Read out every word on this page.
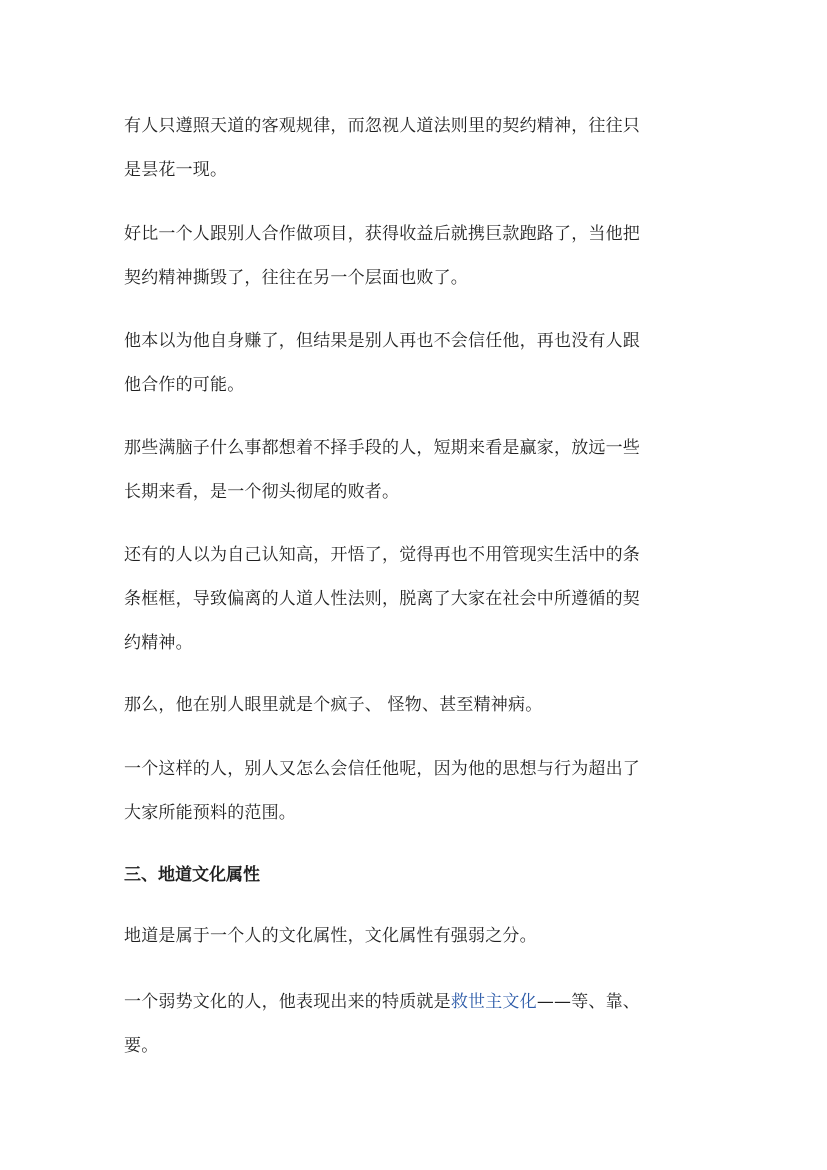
有人只遵照天道的客观规律，而忽视人道法则里的契约精神，往往只
是昙花一现。
好比一个人跟别人合作做项目，获得收益后就携巨款跑路了，当他把
契约精神撕毁了，往往在另一个层面也败了。
他本以为他自身赚了，但结果是别人再也不会信任他，再也没有人跟
他合作的可能。
那些满脑子什么事都想着不择手段的人，短期来看是赢家，放远一些
长期来看，是一个彻头彻尾的败者。
还有的人以为自己认知高，开悟了，觉得再也不用管现实生活中的条
条框框，导致偏离的人道人性法则，脱离了大家在社会中所遵循的契
约精神。
那么，他在别人眼里就是个疯子、 怪物、甚至精神病。
一个这样的人，别人又怎么会信任他呢，因为他的思想与行为超出了
大家所能预料的范围。
三、地道文化属性
地道是属于一个人的文化属性，文化属性有强弱之分。
一个弱势文化的人，他表现出来的特质就是救世主文化——等、靠、
要。
